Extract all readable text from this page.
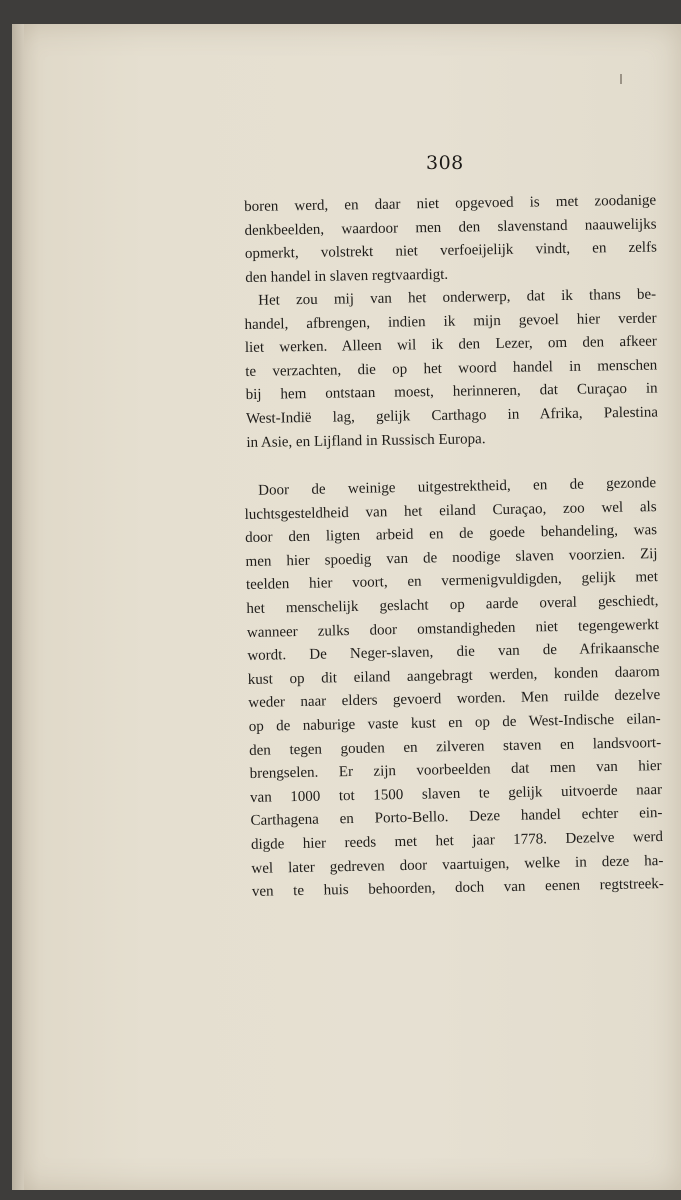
308
boren werd, en daar niet opgevoed is met zoodanige
denkbeelden, waardoor men den slavenstand naauwelijks
opmerkt, volstrekt niet verfoeijelijk vindt, en zelfs
den handel in slaven regtvaardigt.
Het zou mij van het onderwerp, dat ik thans be-
handel, afbrengen, indien ik mijn gevoel hier verder
liet werken. Alleen wil ik den Lezer, om den afkeer
te verzachten, die op het woord handel in menschen
bij hem ontstaan moest, herinneren, dat Curaçao in
West-Indië lag, gelijk Carthago in Afrika, Palestina
in Asie, en Lijfland in Russisch Europa.
Door de weinige uitgestrektheid, en de gezonde
luchtsgesteldheid van het eiland Curaçao, zoo wel als
door den ligten arbeid en de goede behandeling, was
men hier spoedig van de noodige slaven voorzien. Zij
teelden hier voort, en vermenigvuldigden, gelijk met
het menschelijk geslacht op aarde overal geschiedt,
wanneer zulks door omstandigheden niet tegengewerkt
wordt. De Neger-slaven, die van de Afrikaansche
kust op dit eiland aangebragt werden, konden daarom
weder naar elders gevoerd worden. Men ruilde dezelve
op de naburige vaste kust en op de West-Indische eilan-
den tegen gouden en zilveren staven en landsvoort-
brengselen. Er zijn voorbeelden dat men van hier
van 1000 tot 1500 slaven te gelijk uitvoerde naar
Carthagena en Porto-Bello. Deze handel echter ein-
digde hier reeds met het jaar 1778. Dezelve werd
wel later gedreven door vaartuigen, welke in deze ha-
ven te huis behoorden, doch van eenen regtstreek-
